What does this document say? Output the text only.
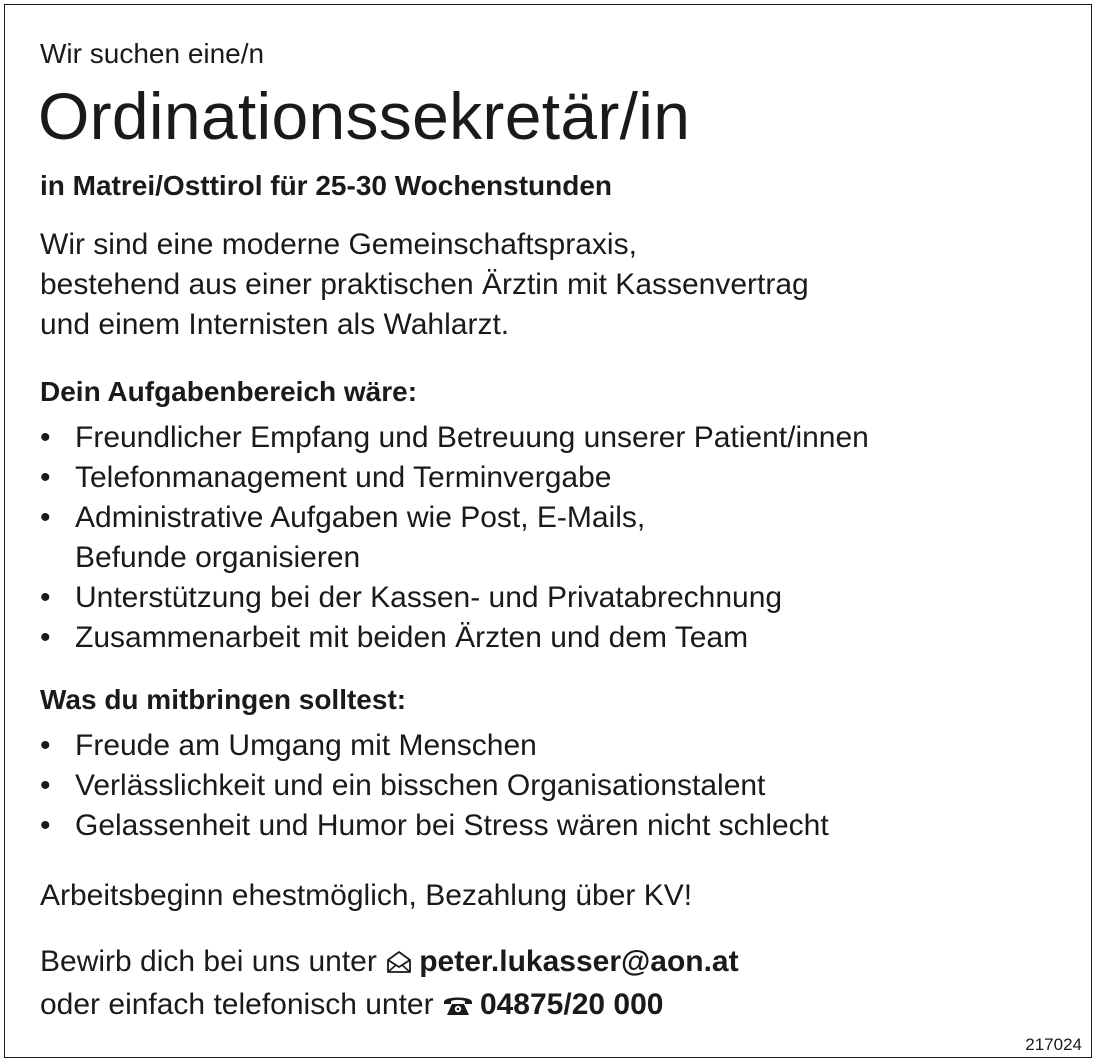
Wir suchen eine/n

Ordinationssekretär/in

in Matrei/Osttirol für 25-30 Wochenstunden

Wir sind eine moderne Gemeinschaftspraxis,
bestehend aus einer praktischen Ärztin mit Kassenvertrag
und einem Internisten als Wahlarzt.

Dein Aufgabenbereich wäre:
• Freundlicher Empfang und Betreuung unserer Patient/innen
• Telefonmanagement und Terminvergabe
• Administrative Aufgaben wie Post, E-Mails,
Befunde organisieren
• Unterstützung bei der Kassen- und Privatabrechnung
• Zusammenarbeit mit beiden Ärzten und dem Team
Was du mitbringen solltest:
• Freude am Umgang mit Menschen
• Verlässlichkeit und ein bisschen Organisationstalent
• Gelassenheit und Humor bei Stress wären nicht schlecht

Arbeitsbeginn ehestmöglich, Bezahlung über KV!

Bewirb dich bei uns unter peter.lukasser@aon.at
oder einfach telefonisch unter 04875/20 000

217024
